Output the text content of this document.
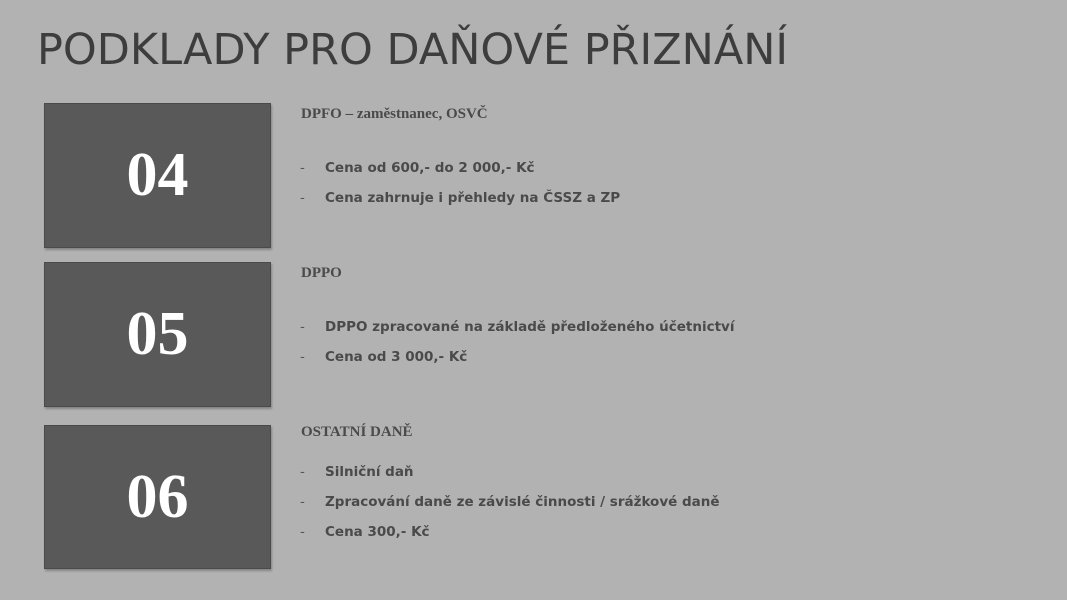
PODKLADY PRO DAŇOVÉ PŘIZNÁNÍ
04
DPFO – zaměstnanec, OSVČ
-	Cena od 600,- do 2 000,- Kč
-	Cena zahrnuje i přehledy na ČSSZ a ZP
05
DPPO
-	DPPO zpracované na základě předloženého účetnictví
-	Cena od 3 000,- Kč
06
OSTATNÍ DANĚ
-	Silniční daň
-	Zpracování daně ze závislé činnosti / srážkové daně
-	Cena 300,- Kč
